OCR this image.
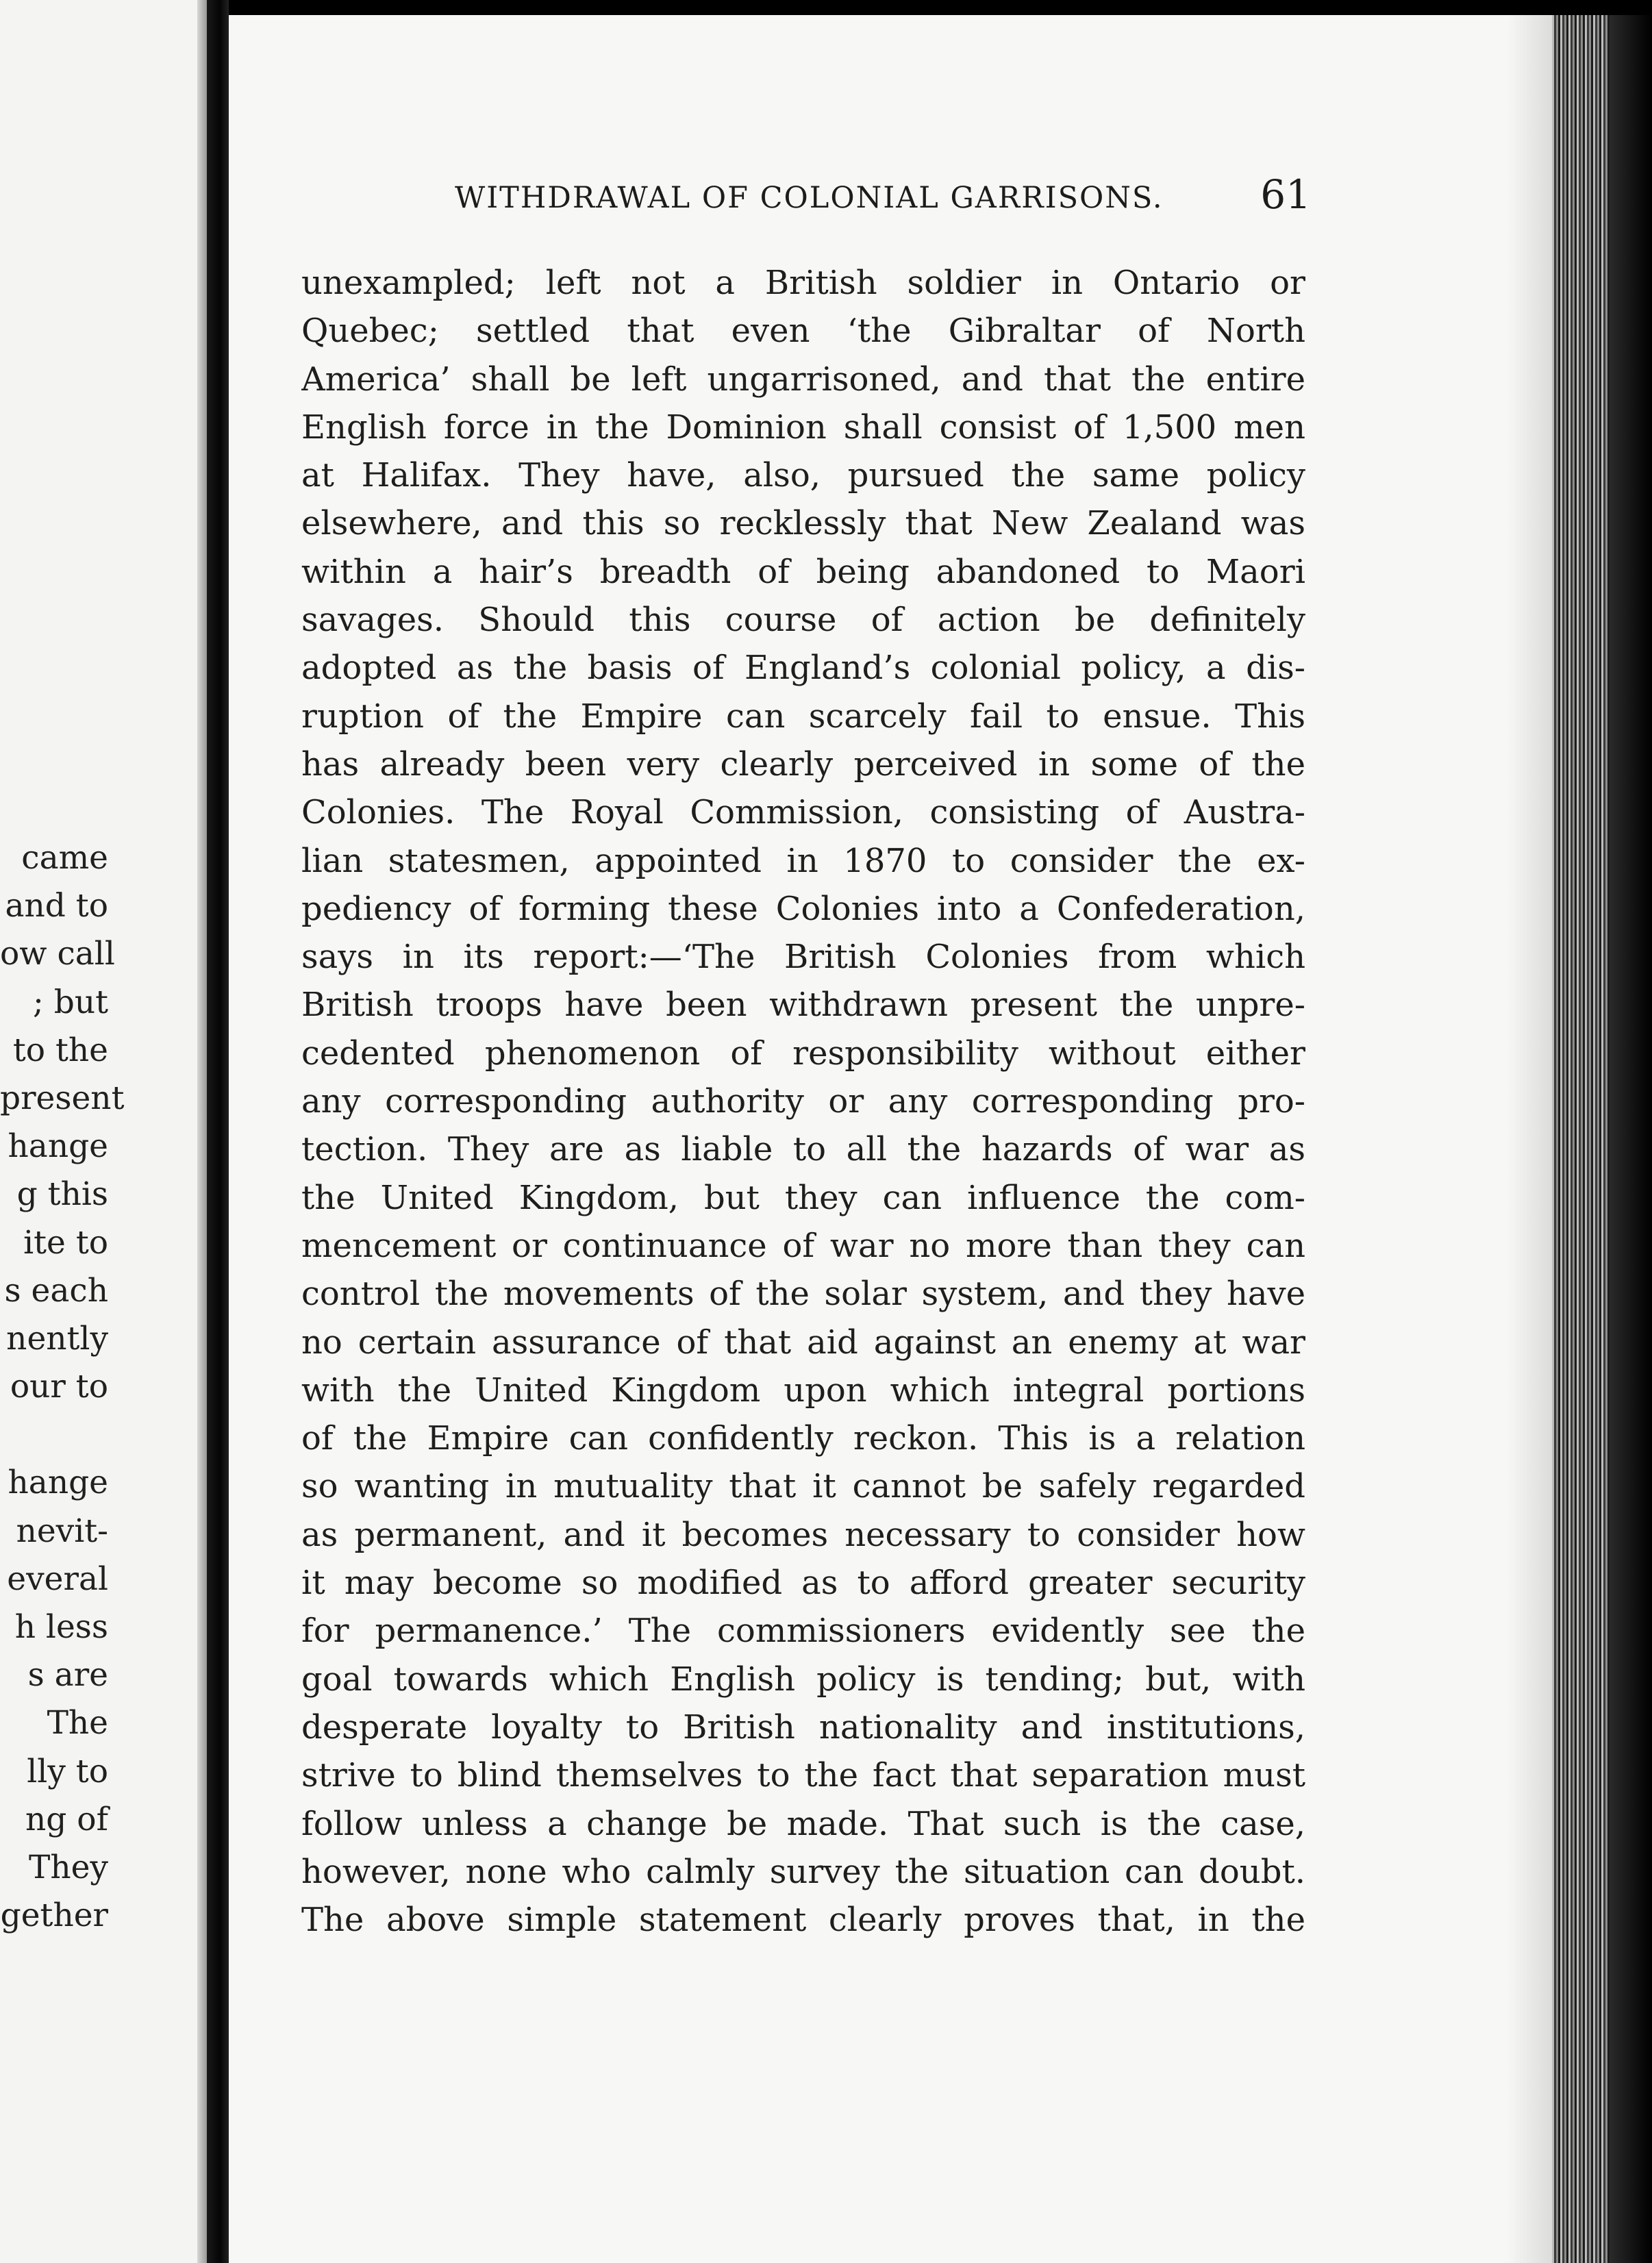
came
and to
ow call
; but
to the
present
hange
g this
ite to
s each
nently
our to
hange
nevit-
everal
h less
s are
The
lly to
ng of
They
gether
WITHDRAWAL OF COLONIAL GARRISONS. 61
unexampled; left not a British soldier in Ontario or
Quebec; settled that even ‘the Gibraltar of North
America’ shall be left ungarrisoned, and that the entire
English force in the Dominion shall consist of 1,500 men
at Halifax. They have, also, pursued the same policy
elsewhere, and this so recklessly that New Zealand was
within a hair’s breadth of being abandoned to Maori
savages. Should this course of action be definitely
adopted as the basis of England’s colonial policy, a dis-
ruption of the Empire can scarcely fail to ensue. This
has already been very clearly perceived in some of the
Colonies. The Royal Commission, consisting of Austra-
lian statesmen, appointed in 1870 to consider the ex-
pediency of forming these Colonies into a Confederation,
says in its report:—‘The British Colonies from which
British troops have been withdrawn present the unpre-
cedented phenomenon of responsibility without either
any corresponding authority or any corresponding pro-
tection. They are as liable to all the hazards of war as
the United Kingdom, but they can influence the com-
mencement or continuance of war no more than they can
control the movements of the solar system, and they have
no certain assurance of that aid against an enemy at war
with the United Kingdom upon which integral portions
of the Empire can confidently reckon. This is a relation
so wanting in mutuality that it cannot be safely regarded
as permanent, and it becomes necessary to consider how
it may become so modified as to afford greater security
for permanence.’ The commissioners evidently see the
goal towards which English policy is tending; but, with
desperate loyalty to British nationality and institutions,
strive to blind themselves to the fact that separation must
follow unless a change be made. That such is the case,
however, none who calmly survey the situation can doubt.
The above simple statement clearly proves that, in the
